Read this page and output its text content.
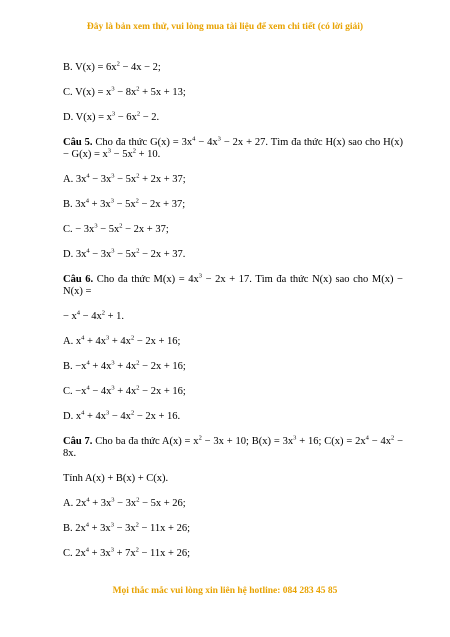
Đây là bản xem thử, vui lòng mua tài liệu để xem chi tiết (có lời giải)
B. $V(x) = 6x^2 - 4x - 2$;
C. $V(x) = x^3 - 8x^2 + 5x + 13$;
D. $V(x) = x^3 - 6x^2 - 2$.
Câu 5. Cho đa thức $G(x) = 3x^4 - 4x^3 - 2x + 27$. Tìm đa thức H(x) sao cho $H(x) - G(x) = x^3 - 5x^2 + 10$.
A. $3x^4 - 3x^3 - 5x^2 + 2x + 37$;
B. $3x^4 + 3x^3 - 5x^2 - 2x + 37$;
C. − $3x^3 - 5x^2 - 2x + 37$;
D. $3x^4 - 3x^3 - 5x^2 - 2x + 37$.
Câu 6. Cho đa thức $M(x) = 4x^3 - 2x + 17$. Tìm đa thức N(x) sao cho M(x) − N(x) =
− $x^4 - 4x^2 + 1$.
A. $x^4 + 4x^3 + 4x^2 - 2x + 16$;
B. $-x^4 + 4x^3 + 4x^2 - 2x + 16$;
C. $-x^4 - 4x^3 + 4x^2 - 2x + 16$;
D. $x^4 + 4x^3 - 4x^2 - 2x + 16$.
Câu 7. Cho ba đa thức $A(x) = x^2 - 3x + 10$; $B(x) = 3x^3 + 16$; $C(x) = 2x^4 - 4x^2 - 8x$.
Tính A(x) + B(x) + C(x).
A. $2x^4 + 3x^3 - 3x^2 - 5x + 26$;
B. $2x^4 + 3x^3 - 3x^2 - 11x + 26$;
C. $2x^4 + 3x^3 + 7x^2 - 11x + 26$;
Mọi thắc mắc vui lòng xin liên hệ hotline: 084 283 45 85
